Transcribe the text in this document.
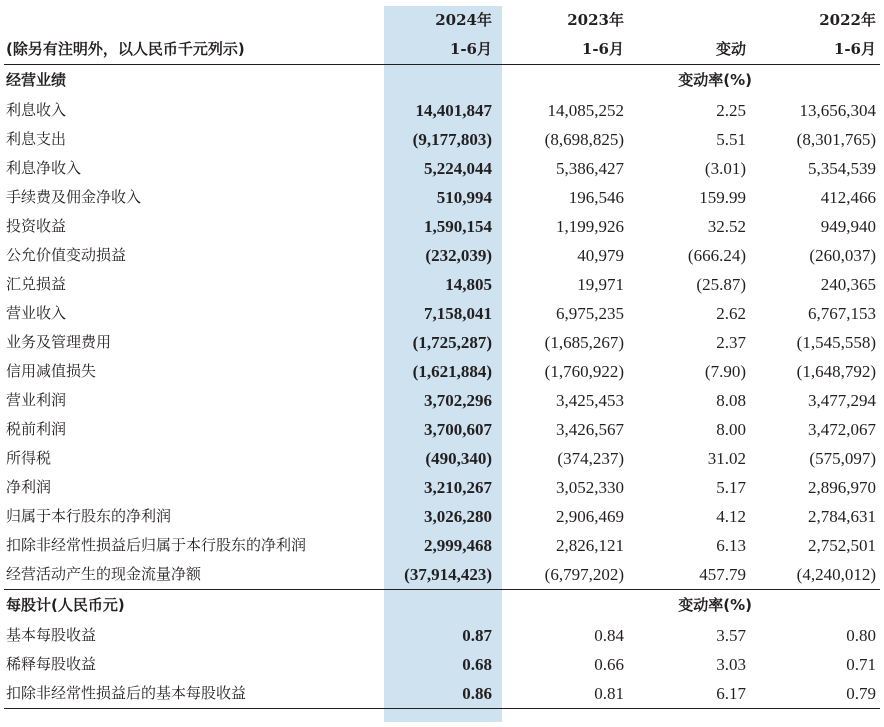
	2024年	2023年		2022年
(除另有注明外，以人民币千元列示)	1-6月	1-6月	变动	1-6月
经营业绩			变动率(%)	
利息收入	14,401,847	14,085,252	2.25	13,656,304
利息支出	(9,177,803)	(8,698,825)	5.51	(8,301,765)
利息净收入	5,224,044	5,386,427	(3.01)	5,354,539
手续费及佣金净收入	510,994	196,546	159.99	412,466
投资收益	1,590,154	1,199,926	32.52	949,940
公允价值变动损益	(232,039)	40,979	(666.24)	(260,037)
汇兑损益	14,805	19,971	(25.87)	240,365
营业收入	7,158,041	6,975,235	2.62	6,767,153
业务及管理费用	(1,725,287)	(1,685,267)	2.37	(1,545,558)
信用减值损失	(1,621,884)	(1,760,922)	(7.90)	(1,648,792)
营业利润	3,702,296	3,425,453	8.08	3,477,294
税前利润	3,700,607	3,426,567	8.00	3,472,067
所得税	(490,340)	(374,237)	31.02	(575,097)
净利润	3,210,267	3,052,330	5.17	2,896,970
归属于本行股东的净利润	3,026,280	2,906,469	4.12	2,784,631
扣除非经常性损益后归属于本行股东的净利润	2,999,468	2,826,121	6.13	2,752,501
经营活动产生的现金流量净额	(37,914,423)	(6,797,202)	457.79	(4,240,012)
每股计(人民币元)			变动率(%)	
基本每股收益	0.87	0.84	3.57	0.80
稀释每股收益	0.68	0.66	3.03	0.71
扣除非经常性损益后的基本每股收益	0.86	0.81	6.17	0.79
